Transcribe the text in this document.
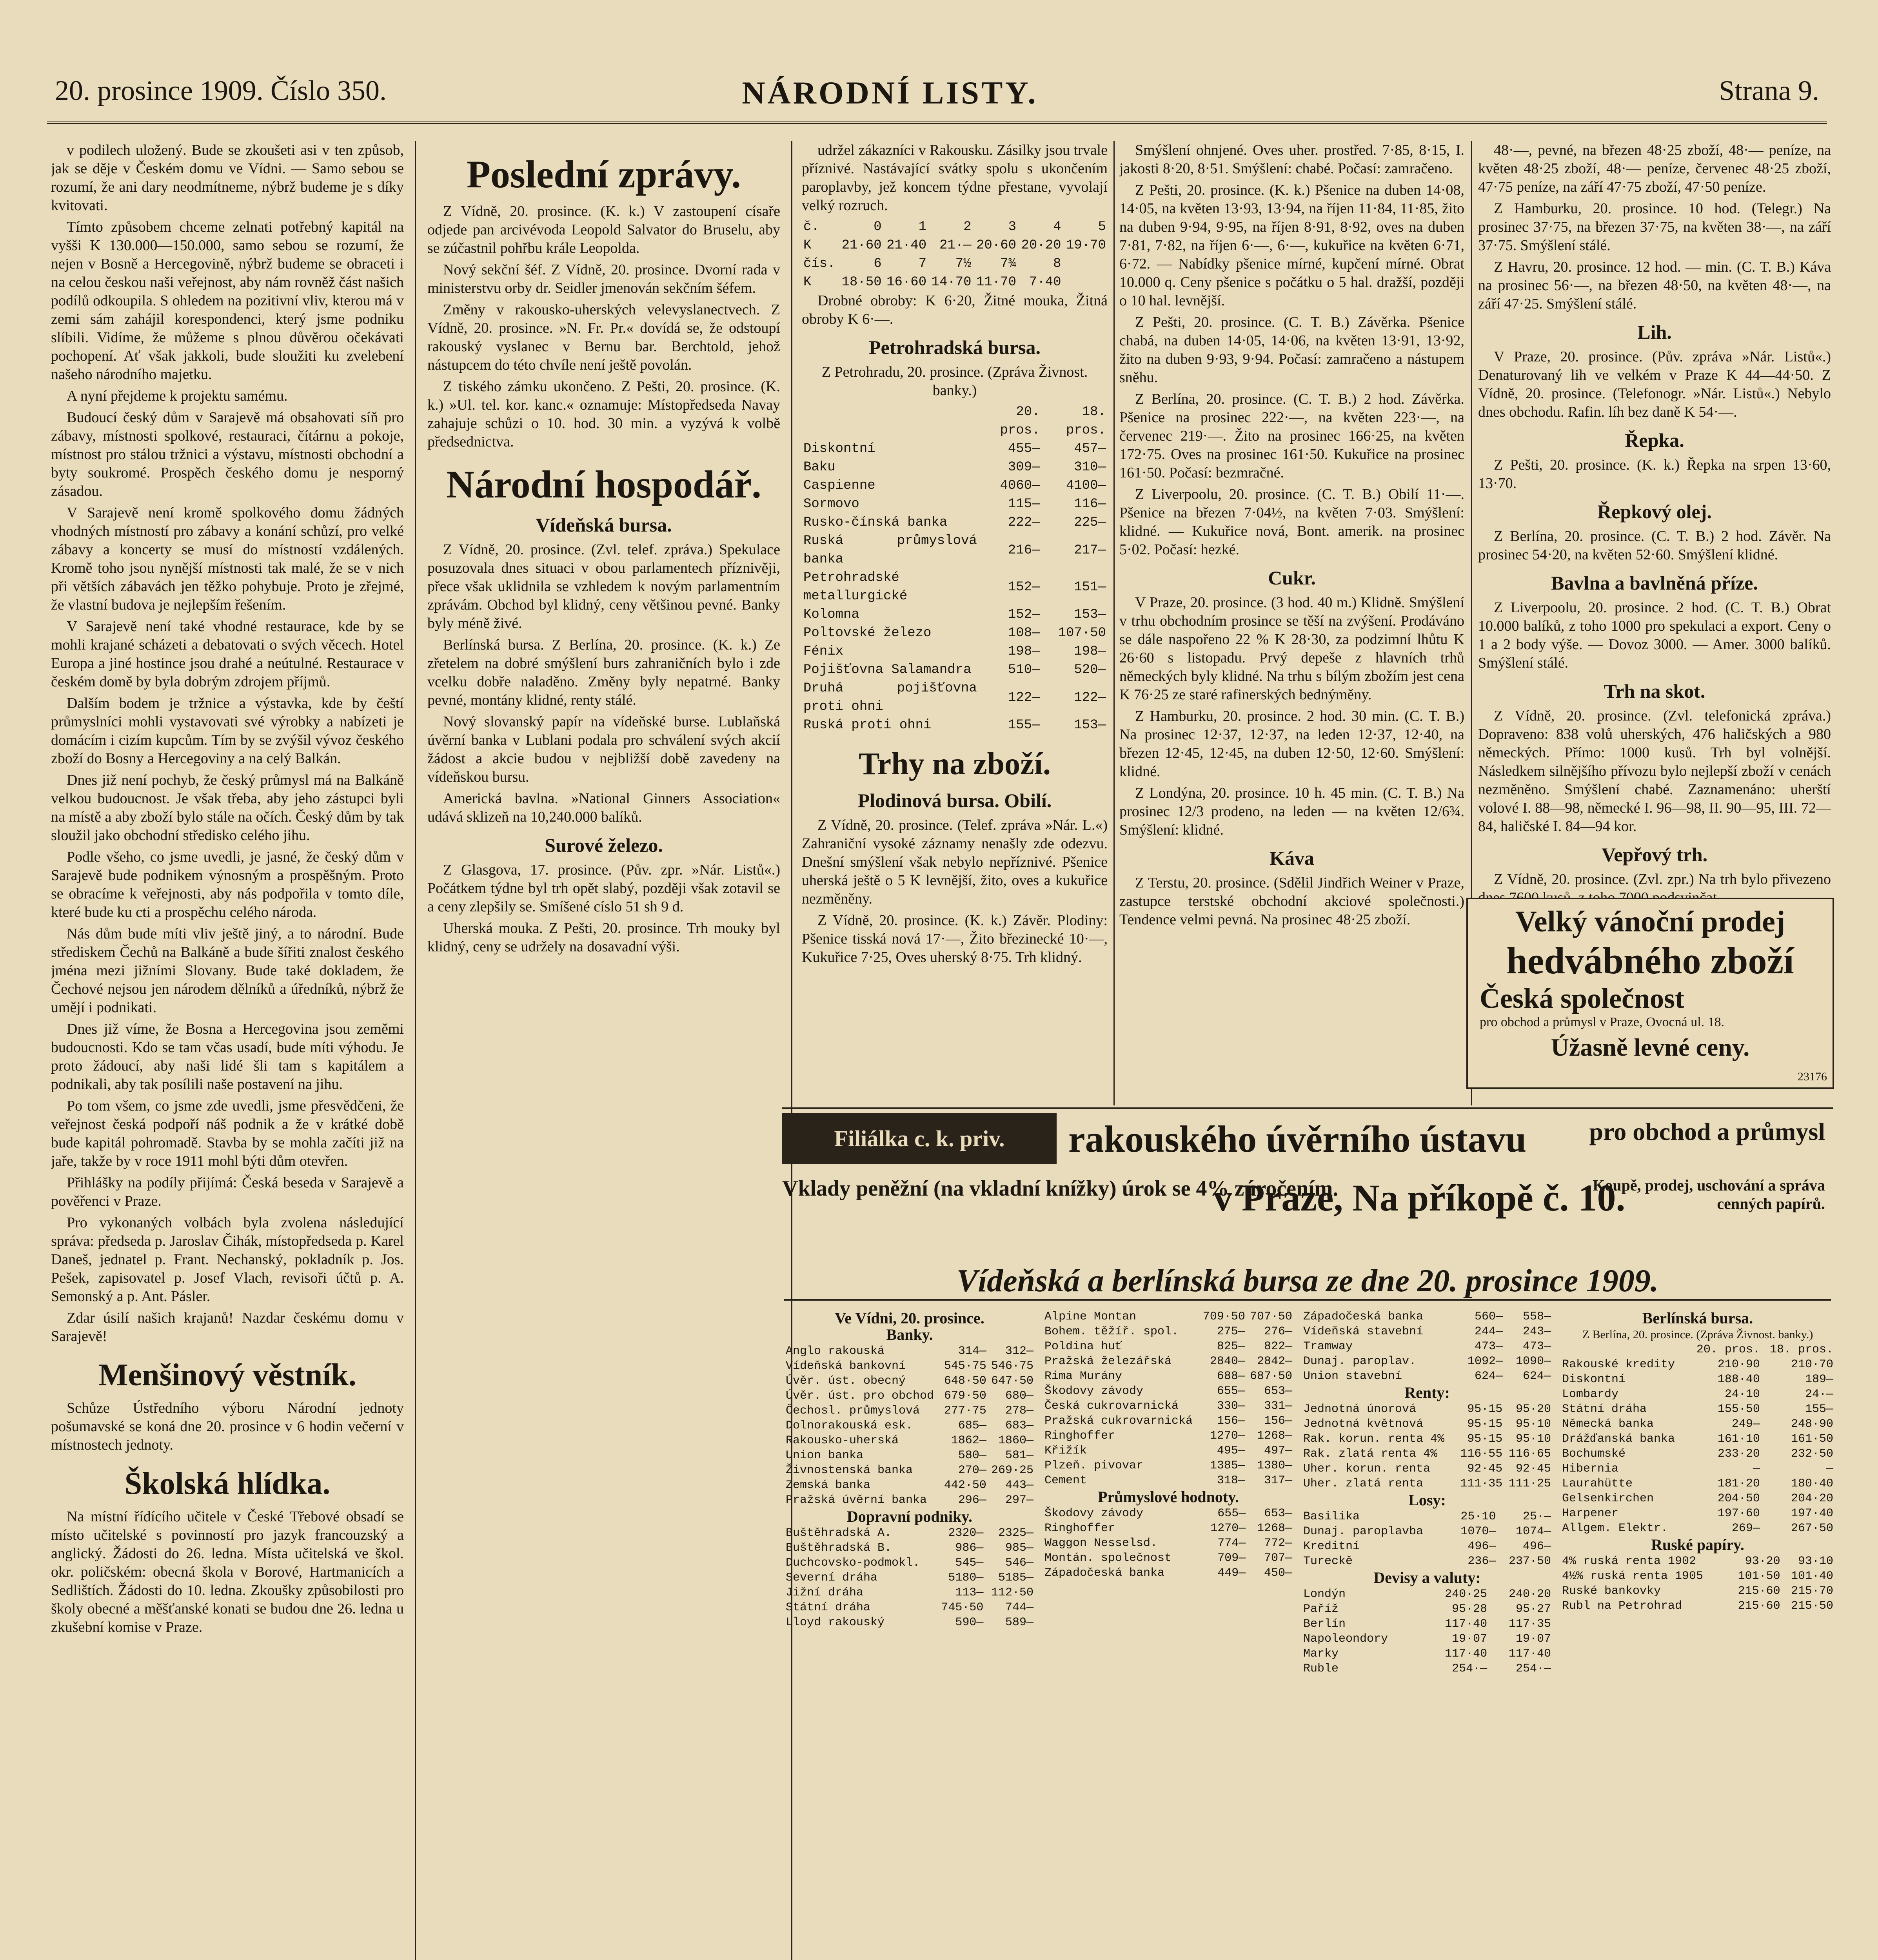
20. prosince 1909. Číslo 350.	NÁRODNÍ LISTY.	Strana 9.

v podilech uložený. Bude se zkoušeti asi v ten způsob, jak se děje v Českém domu ve Vídni. — Samo sebou se rozumí, že ani dary neodmítneme, nýbrž budeme je s díky kvitovati.

Tímto způsobem chceme zelnati potřebný kapitál na vyšši K 130.000—150.000, samo sebou se rozumí, že nejen v Bosně a Hercegovině, nýbrž budeme se obraceti i na celou českou naši veřejnost, aby nám rovněž část našich podílů odkoupila. S ohledem na pozitivní vliv, kterou má v zemi sám zahájil korespondenci, který jsme podniku slíbili. Vidíme, že můžeme s plnou důvěrou očekávati pochopení. Ať však jakkoli, bude sloužiti ku zvelebení našeho národního majetku.

A nyní přejdeme k projektu samému.

Budoucí český dům v Sarajevě má obsahovati síň pro zábavy, místnosti spolkové, restauraci, čítárnu a pokoje, místnost pro stálou tržnici a výstavu, místnosti obchodní a byty soukromé. Prospěch českého domu je nesporný zásadou.

V Sarajevě není kromě spolkového domu žádných vhodných místností pro zábavy a konání schůzí, pro velké zábavy a koncerty se musí do místností vzdálených. Kromě toho jsou nynější místnosti tak malé, že se v nich při větších zábavách jen těžko pohybuje. Proto je zřejmé, že vlastní budova je nejlepším řešením.

V Sarajevě není také vhodné restaurace, kde by se mohli krajané scházeti a debatovati o svých věcech. Hotel Europa a jiné hostince jsou drahé a neútulné. Restaurace v českém domě by byla dobrým zdrojem příjmů.

Dalším bodem je tržnice a výstavka, kde by čeští průmyslníci mohli vystavovati své výrobky a nabízeti je domácím i cizím kupcům. Tím by se zvýšil vývoz českého zboží do Bosny a Hercegoviny a na celý Balkán.

Dnes již není pochyb, že český průmysl má na Balkáně velkou budoucnost. Je však třeba, aby jeho zástupci byli na místě a aby zboží bylo stále na očích. Český dům by tak sloužil jako obchodní středisko celého jihu.

Podle všeho, co jsme uvedli, je jasné, že český dům v Sarajevě bude podnikem výnosným a prospěšným. Proto se obracíme k veřejnosti, aby nás podpořila v tomto díle, které bude ku cti a prospěchu celého národa.

Nás dům bude míti vliv ještě jiný, a to národní. Bude střediskem Čechů na Balkáně a bude šířiti znalost českého jména mezi jižními Slovany. Bude také dokladem, že Čechové nejsou jen národem dělníků a úředníků, nýbrž že umějí i podnikati.

Dnes již víme, že Bosna a Hercegovina jsou zeměmi budoucnosti. Kdo se tam včas usadí, bude míti výhodu. Je proto žádoucí, aby naši lidé šli tam s kapitálem a podnikali, aby tak posílili naše postavení na jihu.

Po tom všem, co jsme zde uvedli, jsme přesvědčeni, že veřejnost česká podpoří náš podnik a že v krátké době bude kapitál pohromadě. Stavba by se mohla začíti již na jaře, takže by v roce 1911 mohl býti dům otevřen.

Přihlášky na podíly přijímá: Česká beseda v Sarajevě a pověřenci v Praze.

Pro vykonaných volbách byla zvolena následující správa: předseda p. Jaroslav Čihák, místopředseda p. Karel Daneš, jednatel p. Frant. Nechanský, pokladník p. Jos. Pešek, zapisovatel p. Josef Vlach, revisoři účtů p. A. Semonský a p. Ant. Pásler.

Zdar úsilí našich krajanů! Nazdar českému domu v Sarajevě!

Menšinový věstník.

Schůze Ústředního výboru Národní jednoty pošumavské se koná dne 20. prosince v 6 hodin večerní v místnostech jednoty.

Školská hlídka.

Na místní řídícího učitele v České Třebové obsadí se místo učitelské s povinností pro jazyk francouzský a anglický. Žádosti do 26. ledna. Místa učitelská ve škol. okr. poličském: obecná škola v Borové, Hartmanicích a Sedlištích. Žádosti do 10. ledna. Zkoušky způsobilosti pro školy obecné a měšťanské konati se budou dne 26. ledna u zkušební komise v Praze.

Poslední zprávy.

Z Vídně, 20. prosince. (K. k.) V zastoupení císaře odjede pan arcivévoda Leopold Salvator do Bruselu, aby se zúčastnil pohřbu krále Leopolda.

Nový sekční šéf. Z Vídně, 20. prosince. Dvorní rada v ministerstvu orby dr. Seidler jmenován sekčním šéfem.

Změny v rakousko-uherských velevyslanectvech. Z Vídně, 20. prosince. »N. Fr. Pr.« dovídá se, že odstoupí rakouský vyslanec v Bernu bar. Berchtold, jehož nástupcem do této chvíle není ještě povolán.

Z tiského zámku ukončeno. Z Pešti, 20. prosince. (K. k.) »Ul. tel. kor. kanc.« oznamuje: Místopředseda Navay zahajuje schůzi o 10. hod. 30 min. a vyzývá k volbě předsednictva.

Národní hospodář.
Vídeňská bursa.

Z Vídně, 20. prosince. (Zvl. telef. zpráva.) Spekulace posuzovala dnes situaci v obou parlamentech příznivěji, přece však uklidnila se vzhledem k novým parlamentním zprávám. Obchod byl klidný, ceny většinou pevné. Banky byly méně živé.

Berlínská bursa. Z Berlína, 20. prosince. (K. k.) Ze zřetelem na dobré smýšlení burs zahraničních bylo i zde vcelku dobře naladěno. Změny byly nepatrné. Banky pevné, montány klidné, renty stálé.

Nový slovanský papír na vídeňské burse. Lublaňská úvěrní banka v Lublani podala pro schválení svých akcií žádost a akcie budou v nejbližší době zavedeny na vídeňskou bursu.

Americká bavlna. »National Ginners Association« udává sklizeň na 10,240.000 balíků.

Surové železo.

Z Glasgova, 17. prosince. (Pův. zpr. »Nár. Listů«.) Počátkem týdne byl trh opět slabý, později však zotavil se a ceny zlepšily se. Smíšené císlo 51 sh 9 d.

Uherská mouka. Z Pešti, 20. prosince. Trh mouky byl klidný, ceny se udržely na dosavadní výši.

udržel zákazníci v Rakousku. Zásilky jsou trvale příznivé. Nastávající svátky spolu s ukončením paroplavby, jež koncem týdne přestane, vyvolají velký rozruch.

č.	0	1	2	3	4	5
K	21·60	21·40	21·—	20·60	20·20	19·70
čís.	6	7	7½	7¾	8	
K	18·50	16·60	14·70	11·70	7·40	

Drobné obroby: K 6·20, Žitné mouka, Žitná obroby K 6·—.

Petrohradská bursa.

Z Petrohradu, 20. prosince. (Zpráva Živnost. banky.)

	20. pros.	18. pros.
Diskontní	455—	457—
Baku	309—	310—
Caspienne	4060—	4100—
Sormovo	115—	116—
Rusko-čínská banka	222—	225—
Ruská průmyslová banka	216—	217—
Petrohradské metallurgické	152—	151—
Kolomna	152—	153—
Poltovské železo	108—	107·50
Fénix	198—	198—
Pojišťovna Salamandra	510—	520—
Druhá pojišťovna proti ohni	122—	122—
Ruská proti ohni	155—	153—
Trhy na zboží.
Plodinová bursa. Obilí.

Z Vídně, 20. prosince. (Telef. zpráva »Nár. L.«) Zahraniční vysoké záznamy nenašly zde odezvu. Dnešní smýšlení však nebylo nepříznivé. Pšenice uherská ještě o 5 K levnější, žito, oves a kukuřice nezměněny.

Z Vídně, 20. prosince. (K. k.) Závěr. Plodiny: Pšenice tisská nová 17·—, Žito březinecké 10·—, Kukuřice 7·25, Oves uherský 8·75. Trh klidný.

Smýšlení ohnjené. Oves uher. prostřed. 7·85, 8·15, I. jakosti 8·20, 8·51. Smýšlení: chabé. Počasí: zamračeno.

Z Pešti, 20. prosince. (K. k.) Pšenice na duben 14·08, 14·05, na květen 13·93, 13·94, na říjen 11·84, 11·85, žito na duben 9·94, 9·95, na říjen 8·91, 8·92, oves na duben 7·81, 7·82, na říjen 6·—, 6·—, kukuřice na květen 6·71, 6·72. — Nabídky pšenice mírné, kupčení mírné. Obrat 10.000 q. Ceny pšenice s počátku o 5 hal. dražší, později o 10 hal. levnější.

Z Pešti, 20. prosince. (C. T. B.) Závěrka. Pšenice chabá, na duben 14·05, 14·06, na květen 13·91, 13·92, žito na duben 9·93, 9·94. Počasí: zamračeno a nástupem sněhu.

Z Berlína, 20. prosince. (C. T. B.) 2 hod. Závěrka. Pšenice na prosinec 222·—, na květen 223·—, na červenec 219·—. Žito na prosinec 166·25, na květen 172·75. Oves na prosinec 161·50. Kukuřice na prosinec 161·50. Počasí: bezmračné.

Z Liverpoolu, 20. prosince. (C. T. B.) Obilí 11·—. Pšenice na březen 7·04½, na květen 7·03. Smýšlení: klidné. — Kukuřice nová, Bont. amerik. na prosinec 5·02. Počasí: hezké.

Cukr.

V Praze, 20. prosince. (3 hod. 40 m.) Klidně. Smýšlení v trhu obchodním prosince se těší na zvýšení. Prodáváno se dále naspořeno 22 % K 28·30, za podzimní lhůtu K 26·60 s listopadu. Prvý depeše z hlavních trhů německých byly klidné. Na trhu s bílým zbožím jest cena K 76·25 ze staré rafinerských bednýměny.

Z Hamburku, 20. prosince. 2 hod. 30 min. (C. T. B.) Na prosinec 12·37, 12·37, na leden 12·37, 12·40, na březen 12·45, 12·45, na duben 12·50, 12·60. Smýšlení: klidné.

Z Londýna, 20. prosince. 10 h. 45 min. (C. T. B.) Na prosinec 12/3 prodeno, na leden — na květen 12/6¾. Smýšlení: klidné.

Káva

Z Terstu, 20. prosince. (Sdělil Jindřich Weiner v Praze, zastupce terstské obchodní akciové společnosti.) Tendence velmi pevná. Na prosinec 48·25 zboží.

48·—, pevné, na březen 48·25 zboží, 48·— peníze, na květen 48·25 zboží, 48·— peníze, červenec 48·25 zboží, 47·75 peníze, na září 47·75 zboží, 47·50 peníze.

Z Hamburku, 20. prosince. 10 hod. (Telegr.) Na prosinec 37·75, na březen 37·75, na květen 38·—, na září 37·75. Smýšlení stálé.

Z Havru, 20. prosince. 12 hod. — min. (C. T. B.) Káva na prosinec 56·—, na březen 48·50, na květen 48·—, na září 47·25. Smýšlení stálé.

Lih.

V Praze, 20. prosince. (Pův. zpráva »Nár. Listů«.) Denaturovaný lih ve velkém v Praze K 44—44·50. Z Vídně, 20. prosince. (Telefonogr. »Nár. Listů«.) Nebylo dnes obchodu. Rafin. líh bez daně K 54·—.

Řepka.

Z Pešti, 20. prosince. (K. k.) Řepka na srpen 13·60, 13·70.

Řepkový olej.

Z Berlína, 20. prosince. (C. T. B.) 2 hod. Závěr. Na prosinec 54·20, na květen 52·60. Smýšlení klidné.

Bavlna a bavlněná příze.

Z Liverpoolu, 20. prosince. 2 hod. (C. T. B.) Obrat 10.000 balíků, z toho 1000 pro spekulaci a export. Ceny o 1 a 2 body výše. — Dovoz 3000. — Amer. 3000 balíků. Smýšlení stálé.

Trh na skot.

Z Vídně, 20. prosince. (Zvl. telefonická zpráva.) Dopraveno: 838 volů uherských, 476 haličských a 980 německých. Přímo: 1000 kusů. Trh byl volnější. Následkem silnějšího přívozu bylo nejlepší zboží v cenách nezměněno. Smýšlení chabé. Zaznamenáno: uherští volové I. 88—98, německé I. 96—98, II. 90—95, III. 72—84, haličské I. 84—94 kor.

Vepřový trh.

Z Vídně, 20. prosince. (Zvl. zpr.) Na trh bylo přivezeno

Velký vánoční prodej
hedvábného zboží
Česká společnost
pro obchod a průmysl v Praze, Ovocná ul. 18.
Úžasně levné ceny.
23176
Filiálka c. k. priv.	rakouského úvěrního ústavu	pro obchod a průmysl
Vklady peněžní (na vkladní knížky) úrok se 4% zúročením.
v Praze, Na příkopě č. 10.
Koupě, prodej, uschování a správa cenných papírů.
Vídeňská a berlínská bursa ze dne 20. prosince 1909.
Ve Vídni, 20. prosince.
Banky.
Anglo rakouská	314—	312—
Vídeňská bankovní	545·75	546·75
Úvěr. úst. obecný	648·50	647·50
Úvěr. úst. pro obchod	679·50	680—
Čechosl. průmyslová	277·75	278—
Dolnorakouská esk.	685—	683—
Rakousko-uherská	1862—	1860—
Union banka	580—	581—
Živnostenská banka	270—	269·25
Zemská banka	442·50	443—
Pražská úvěrní banka	296—	297—
Dopravní podniky.
Buštěhradská A.	2320—	2325—
Buštěhradská B.	986—	985—
Duchcovsko-podmokl.	545—	546—
Severní dráha	5180—	5185—
Jižní dráha	113—	112·50
Státní dráha	745·50	744—
Lloyd rakouský	590—	589—
Alpine Montan	709·50	707·50
Bohem. těžíř. spol.	275—	276—
Poldina huť	825—	822—
Pražská železářská	2840—	2842—
Rima Murány	688—	687·50
Škodovy závody	655—	653—
Česká cukrovarnická	330—	331—
Pražská cukrovarnická	156—	156—
Ringhoffer	1270—	1268—
Křižík	495—	497—
Plzeň. pivovar	1385—	1380—
Cement	318—	317—
Průmyslové hodnoty.
Škodovy závody	655—	653—
Ringhoffer	1270—	1268—
Waggon Nesselsd.	774—	772—
Montán. společnost	709—	707—
Západočeská banka	449—	450—
Západočeská banka	560—	558—
Vídeňská stavební	244—	243—
Tramway	473—	473—
Dunaj. paroplav.	1092—	1090—
Union stavební	624—	624—
Renty:
Jednotná únorová	95·15	95·20
Jednotná květnová	95·15	95·10
Rak. korun. renta 4%	95·15	95·10
Rak. zlatá renta 4%	116·55	116·65
Uher. korun. renta	92·45	92·45
Uher. zlatá renta	111·35	111·25
Losy:
Basilika	25·10	25·—
Dunaj. paroplavba	1070—	1074—
Kreditní	496—	496—
Tureckě	236—	237·50
Devisy a valuty:
Londýn	240·25	240·20
Paříž	95·28	95·27
Berlín	117·40	117·35
Napoleondory	19·07	19·07
Marky	117·40	117·40
Ruble	254·—	254·—
Berlínská bursa.
Z Berlína, 20. prosince. (Zpráva Živnost. banky.)
	20. pros.	18. pros.
Rakouské kredity	210·90	210·70
Diskontní	188·40	189—
Lombardy	24·10	24·—
Státní dráha	155·50	155—
Německá banka	249—	248·90
Drážďanská banka	161·10	161·50
Bochumské	233·20	232·50
Hibernia	—	—
Laurahütte	181·20	180·40
Gelsenkirchen	204·50	204·20
Harpener	197·60	197·40
Allgem. Elektr.	269—	267·50
Ruské papíry.
4% ruská renta 1902	93·20	93·10
4½% ruská renta 1905	101·50	101·40
Ruské bankovky	215·60	215·70
Rubl na Petrohrad	215·60	215·50
